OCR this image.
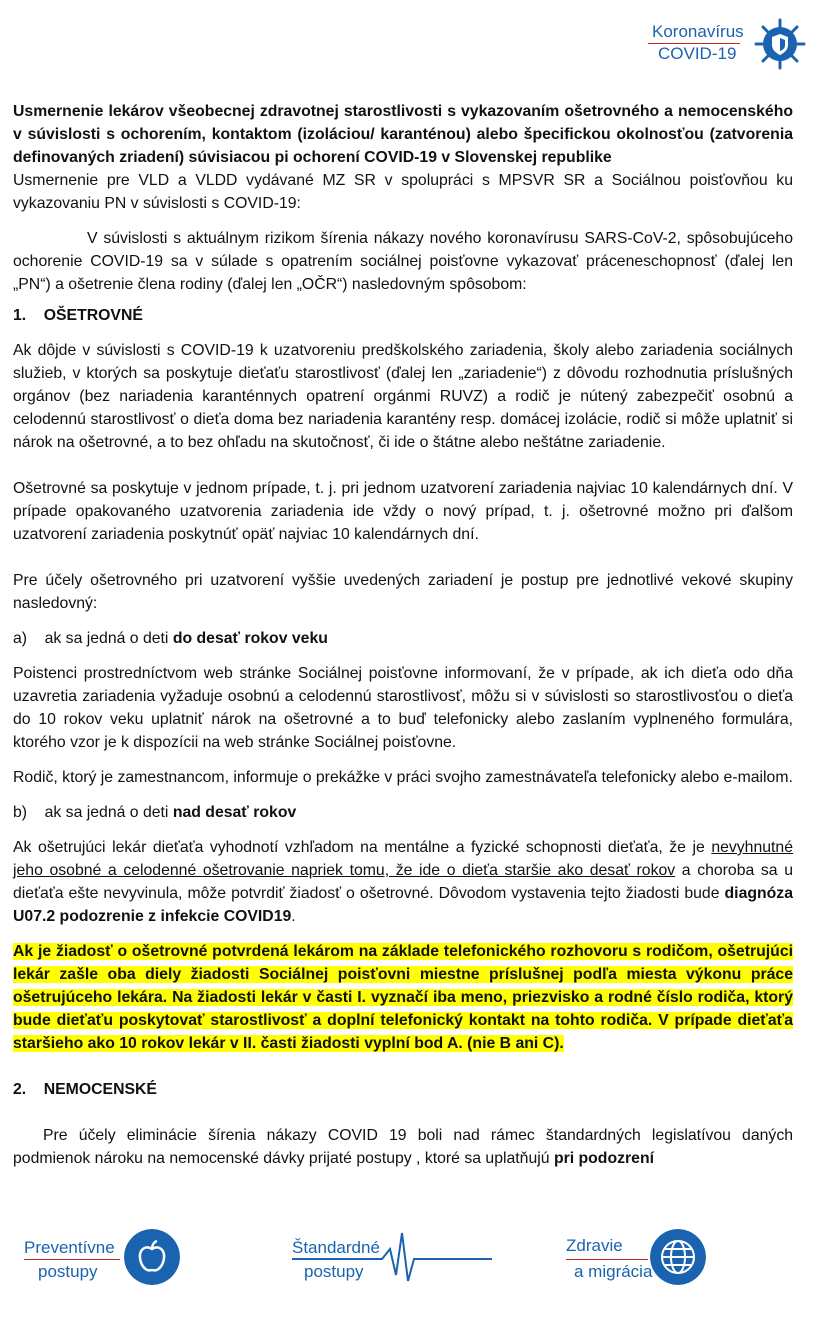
Koronavírus
COVID-19

Usmernenie lekárov všeobecnej zdravotnej starostlivosti s vykazovaním ošetrovného a nemocenského v súvislosti s ochorením, kontaktom (izoláciou/ karanténou) alebo špecifickou okolnosťou (zatvorenia definovaných zriadení) súvisiacou pi ochorení COVID-19 v Slovenskej republike

Usmernenie pre VLD a VLDD vydávané MZ SR v spolupráci s MPSVR SR a Sociálnou poisťovňou ku vykazovaniu PN v súvislosti s COVID-19:

V súvislosti s aktuálnym rizikom šírenia nákazy nového koronavírusu SARS-CoV-2, spôsobujúceho ochorenie COVID-19 sa v súlade s opatrením sociálnej poisťovne vykazovať práceneschopnosť (ďalej len „PN“) a ošetrenie člena rodiny (ďalej len „OČR“) nasledovným spôsobom:

1.    OŠETROVNÉ

Ak dôjde v súvislosti s COVID-19 k uzatvoreniu predškolského zariadenia, školy alebo zariadenia sociálnych služieb, v ktorých sa poskytuje dieťaťu starostlivosť (ďalej len „zariadenie“) z dôvodu rozhodnutia príslušných orgánov (bez nariadenia karanténnych opatrení orgánmi RUVZ) a rodič je nútený zabezpečiť osobnú a celodennú starostlivosť o dieťa doma bez nariadenia karantény resp. domácej izolácie, rodič si môže uplatniť si nárok na ošetrovné, a to bez ohľadu na skutočnosť, či ide o štátne alebo neštátne zariadenie.

Ošetrovné sa poskytuje v jednom prípade, t. j. pri jednom uzatvorení zariadenia najviac 10 kalendárnych dní. V prípade opakovaného uzatvorenia zariadenia ide vždy o nový prípad, t. j. ošetrovné možno pri ďalšom uzatvorení zariadenia poskytnúť opäť najviac 10 kalendárnych dní.

Pre účely ošetrovného pri uzatvorení vyššie uvedených zariadení je postup pre jednotlivé vekové skupiny nasledovný:

a)    ak sa jedná o deti do desať rokov veku

Poistenci prostredníctvom web stránke Sociálnej poisťovne informovaní, že v prípade, ak ich dieťa odo dňa uzavretia zariadenia vyžaduje osobnú a celodennú starostlivosť, môžu si v súvislosti so starostlivosťou o dieťa do 10 rokov veku uplatniť nárok na ošetrovné a to buď telefonicky alebo zaslaním vyplneného formulára, ktorého vzor je k dispozícii na web stránke Sociálnej poisťovne.

Rodič, ktorý je zamestnancom, informuje o prekážke v práci svojho zamestnávateľa telefonicky alebo e-mailom.

b)    ak sa jedná o deti nad desať rokov

Ak ošetrujúci lekár dieťaťa vyhodnotí vzhľadom na mentálne a fyzické schopnosti dieťaťa, že je nevyhnutné jeho osobné a celodenné ošetrovanie napriek tomu, že ide o dieťa staršie ako desať rokov a choroba sa u dieťaťa ešte nevyvinula, môže potvrdiť žiadosť o ošetrovné. Dôvodom vystavenia tejto žiadosti bude diagnóza U07.2 podozrenie z infekcie COVID19.

Ak je žiadosť o ošetrovné potvrdená lekárom na základe telefonického rozhovoru s rodičom, ošetrujúci lekár zašle oba diely žiadosti Sociálnej poisťovni miestne príslušnej podľa miesta výkonu práce ošetrujúceho lekára. Na žiadosti lekár v časti I. vyznačí iba meno, priezvisko a rodné číslo rodiča, ktorý bude dieťaťu poskytovať starostlivosť a doplní telefonický kontakt na tohto rodiča. V prípade dieťaťa staršieho ako 10 rokov lekár v II. časti žiadosti vyplní bod A. (nie B ani C).

2.    NEMOCENSKÉ

Pre účely eliminácie šírenia nákazy COVID 19 boli nad rámec štandardných legislatívou daných podmienok nároku na nemocenské dávky prijaté postupy , ktoré sa uplatňujú pri podozrení

Preventívne
postupy
Štandardné
postupy
Zdravie
a migrácia
